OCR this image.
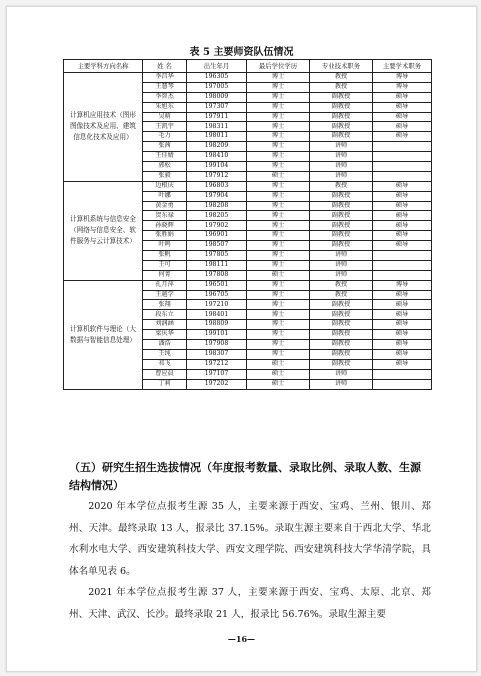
表 5 主要师资队伍情况
主要学科方向名称	姓 名	出生年月	最后学位学历	专业技术职务	主要学术职务
计算机应用技术（图形图像技术及应用、建筑信息化技术及应用）	李昌华	196305	博士	教授	博导
	王慧琴	197005	博士	教授	博导
	李智杰	198009	博士	副教授	硕导
	朱旭东	197307	博士	副教授	硕导
	吴萌	197911	博士	副教授	硕导
	王凯宇	198311	博士	副教授	硕导
	毛力	198011	博士	副教授	硕导
	张茜	198209	博士	讲师	
	王佳婧	198410	博士	讲师	
	郭松	199104	博士	讲师	
	张毅	197912	硕士	讲师	
计算机系统与信息安全（网络与信息安全、软件服务与云计算技术）	边根庆	196803	博士	教授	硕导
	叶娜	197904	博士	副教授	硕导
	黄金勇	198208	博士	副教授	硕导
	贺东禄	198205	博士	副教授	硕导
	孙晓辉	197902	博士	副教授	硕导
	张胜娟	196901	博士	副教授	硕导
	叶鸣	198507	博士	副教授	硕导
	张帆	197805	博士	讲师	
	王可	198111	博士	讲师	
	何菁	197808	硕士	讲师	
计算机软件与理论（大数据与智能信息处理）	孔月萍	196501	博士	教授	博导
	王越学	196705	博士	教授	硕导
	张翔	197210	博士	副教授	硕导
	段东立	198401	博士	副教授	硕导
	刘润涵	198809	博士	副教授	硕导
	梁庆华	199101	博士	副教授	硕导
	潘浩	197908	博士	副教授	硕导
	王纯	198307	博士	副教授	硕导
	祁飞	197212	硕士	副教授	硕导
	曹应晨	197107	硕士	讲师	
	丁莉	197202	硕士	讲师	
（五）研究生招生选拔情况（年度报考数量、录取比例、录取人数、生源结构情况）
2020 年本学位点报考生源 35 人，主要来源于西安、宝鸡、兰州、银川、郑州、天津。最终录取 13 人，报录比 37.15%。录取生源主要来自于西北大学、华北水利水电大学、西安建筑科技大学、西安文理学院、西安建筑科技大学华清学院，具体名单见表 6。
2021 年本学位点报考生源 37 人，主要来源于西安、宝鸡、太原、北京、郑州、天津、武汉、长沙。最终录取 21 人，报录比 56.76%。录取生源主要
—16—
